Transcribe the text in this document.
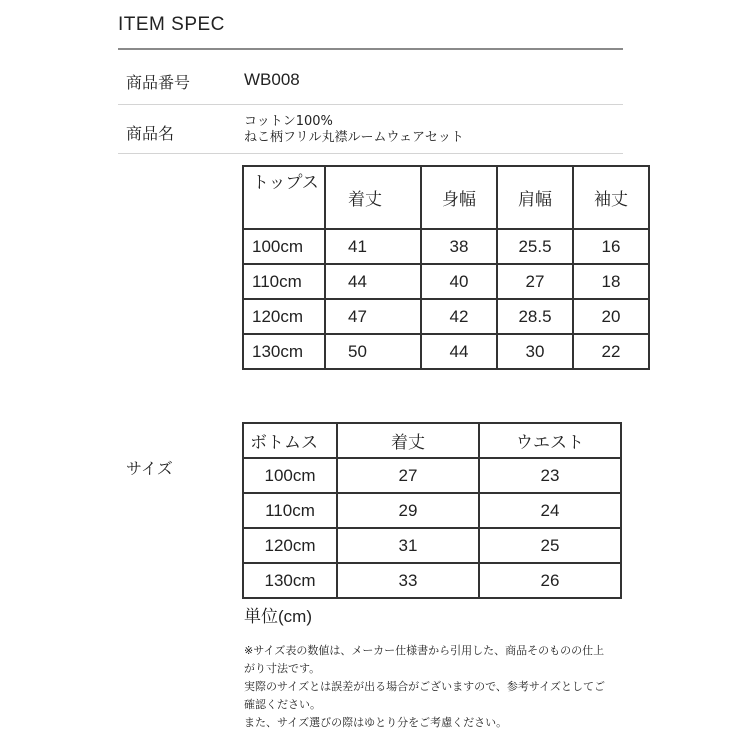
ITEM SPEC
商品番号	WB008
商品名
コットン100%
ねこ柄フリル丸襟ルームウェアセット
トップス	着丈	身幅	肩幅	袖丈
100cm	41	38	25.5	16
110cm	44	40	27	18
120cm	47	42	28.5	20
130cm	50	44	30	22
サイズ
ボトムス	着丈	ウエスト
100cm	27	23
110cm	29	24
120cm	31	25
130cm	33	26
単位(cm)
※サイズ表の数値は、メーカー仕様書から引用した、商品そのものの仕上
がり寸法です。
実際のサイズとは誤差が出る場合がございますので、参考サイズとしてご
確認ください。
また、サイズ選びの際はゆとり分をご考慮ください。
